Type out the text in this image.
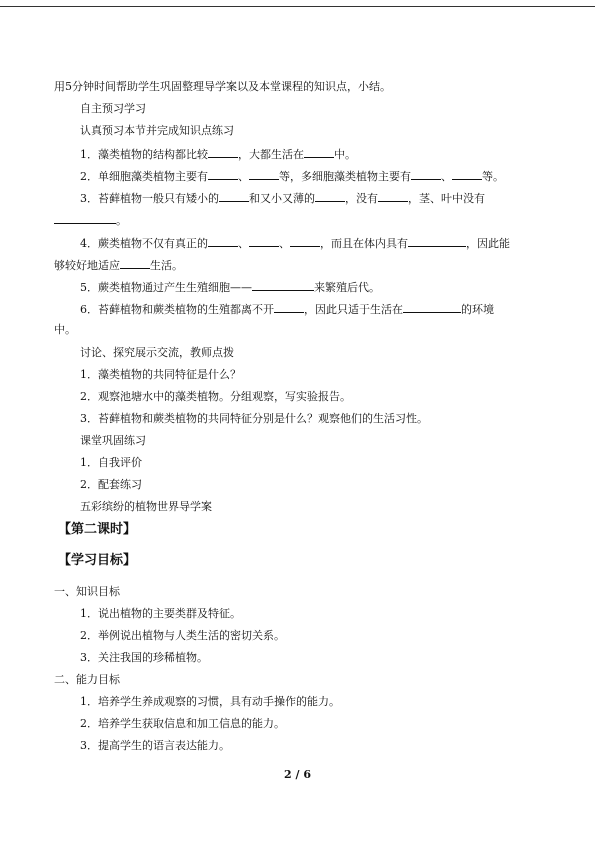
用5分钟时间帮助学生巩固整理导学案以及本堂课程的知识点，小结。
自主预习学习
认真预习本节并完成知识点练习
1．藻类植物的结构都比较	，大都生活在	中。
2．单细胞藻类植物主要有	、	等，多细胞藻类植物主要有	、	等。
3．苔藓植物一般只有矮小的	和又小又薄的	，没有	，茎、叶中没有
。
4．蕨类植物不仅有真正的	、	、	，而且在体内具有	，因此能
够较好地适应	生活。
5．蕨类植物通过产生生殖细胞——	来繁殖后代。
6．苔藓植物和蕨类植物的生殖都离不开	，因此只适于生活在	的环境
中。
讨论、探究展示交流，教师点拨
1．藻类植物的共同特征是什么？
2．观察池塘水中的藻类植物。分组观察，写实验报告。
3．苔藓植物和蕨类植物的共同特征分别是什么？观察他们的生活习性。
课堂巩固练习
1．自我评价
2．配套练习
五彩缤纷的植物世界导学案
【第二课时】
【学习目标】
一、知识目标
1．说出植物的主要类群及特征。
2．举例说出植物与人类生活的密切关系。
3．关注我国的珍稀植物。
二、能力目标
1．培养学生养成观察的习惯，具有动手操作的能力。
2．培养学生获取信息和加工信息的能力。
3．提高学生的语言表达能力。
2 / 6
